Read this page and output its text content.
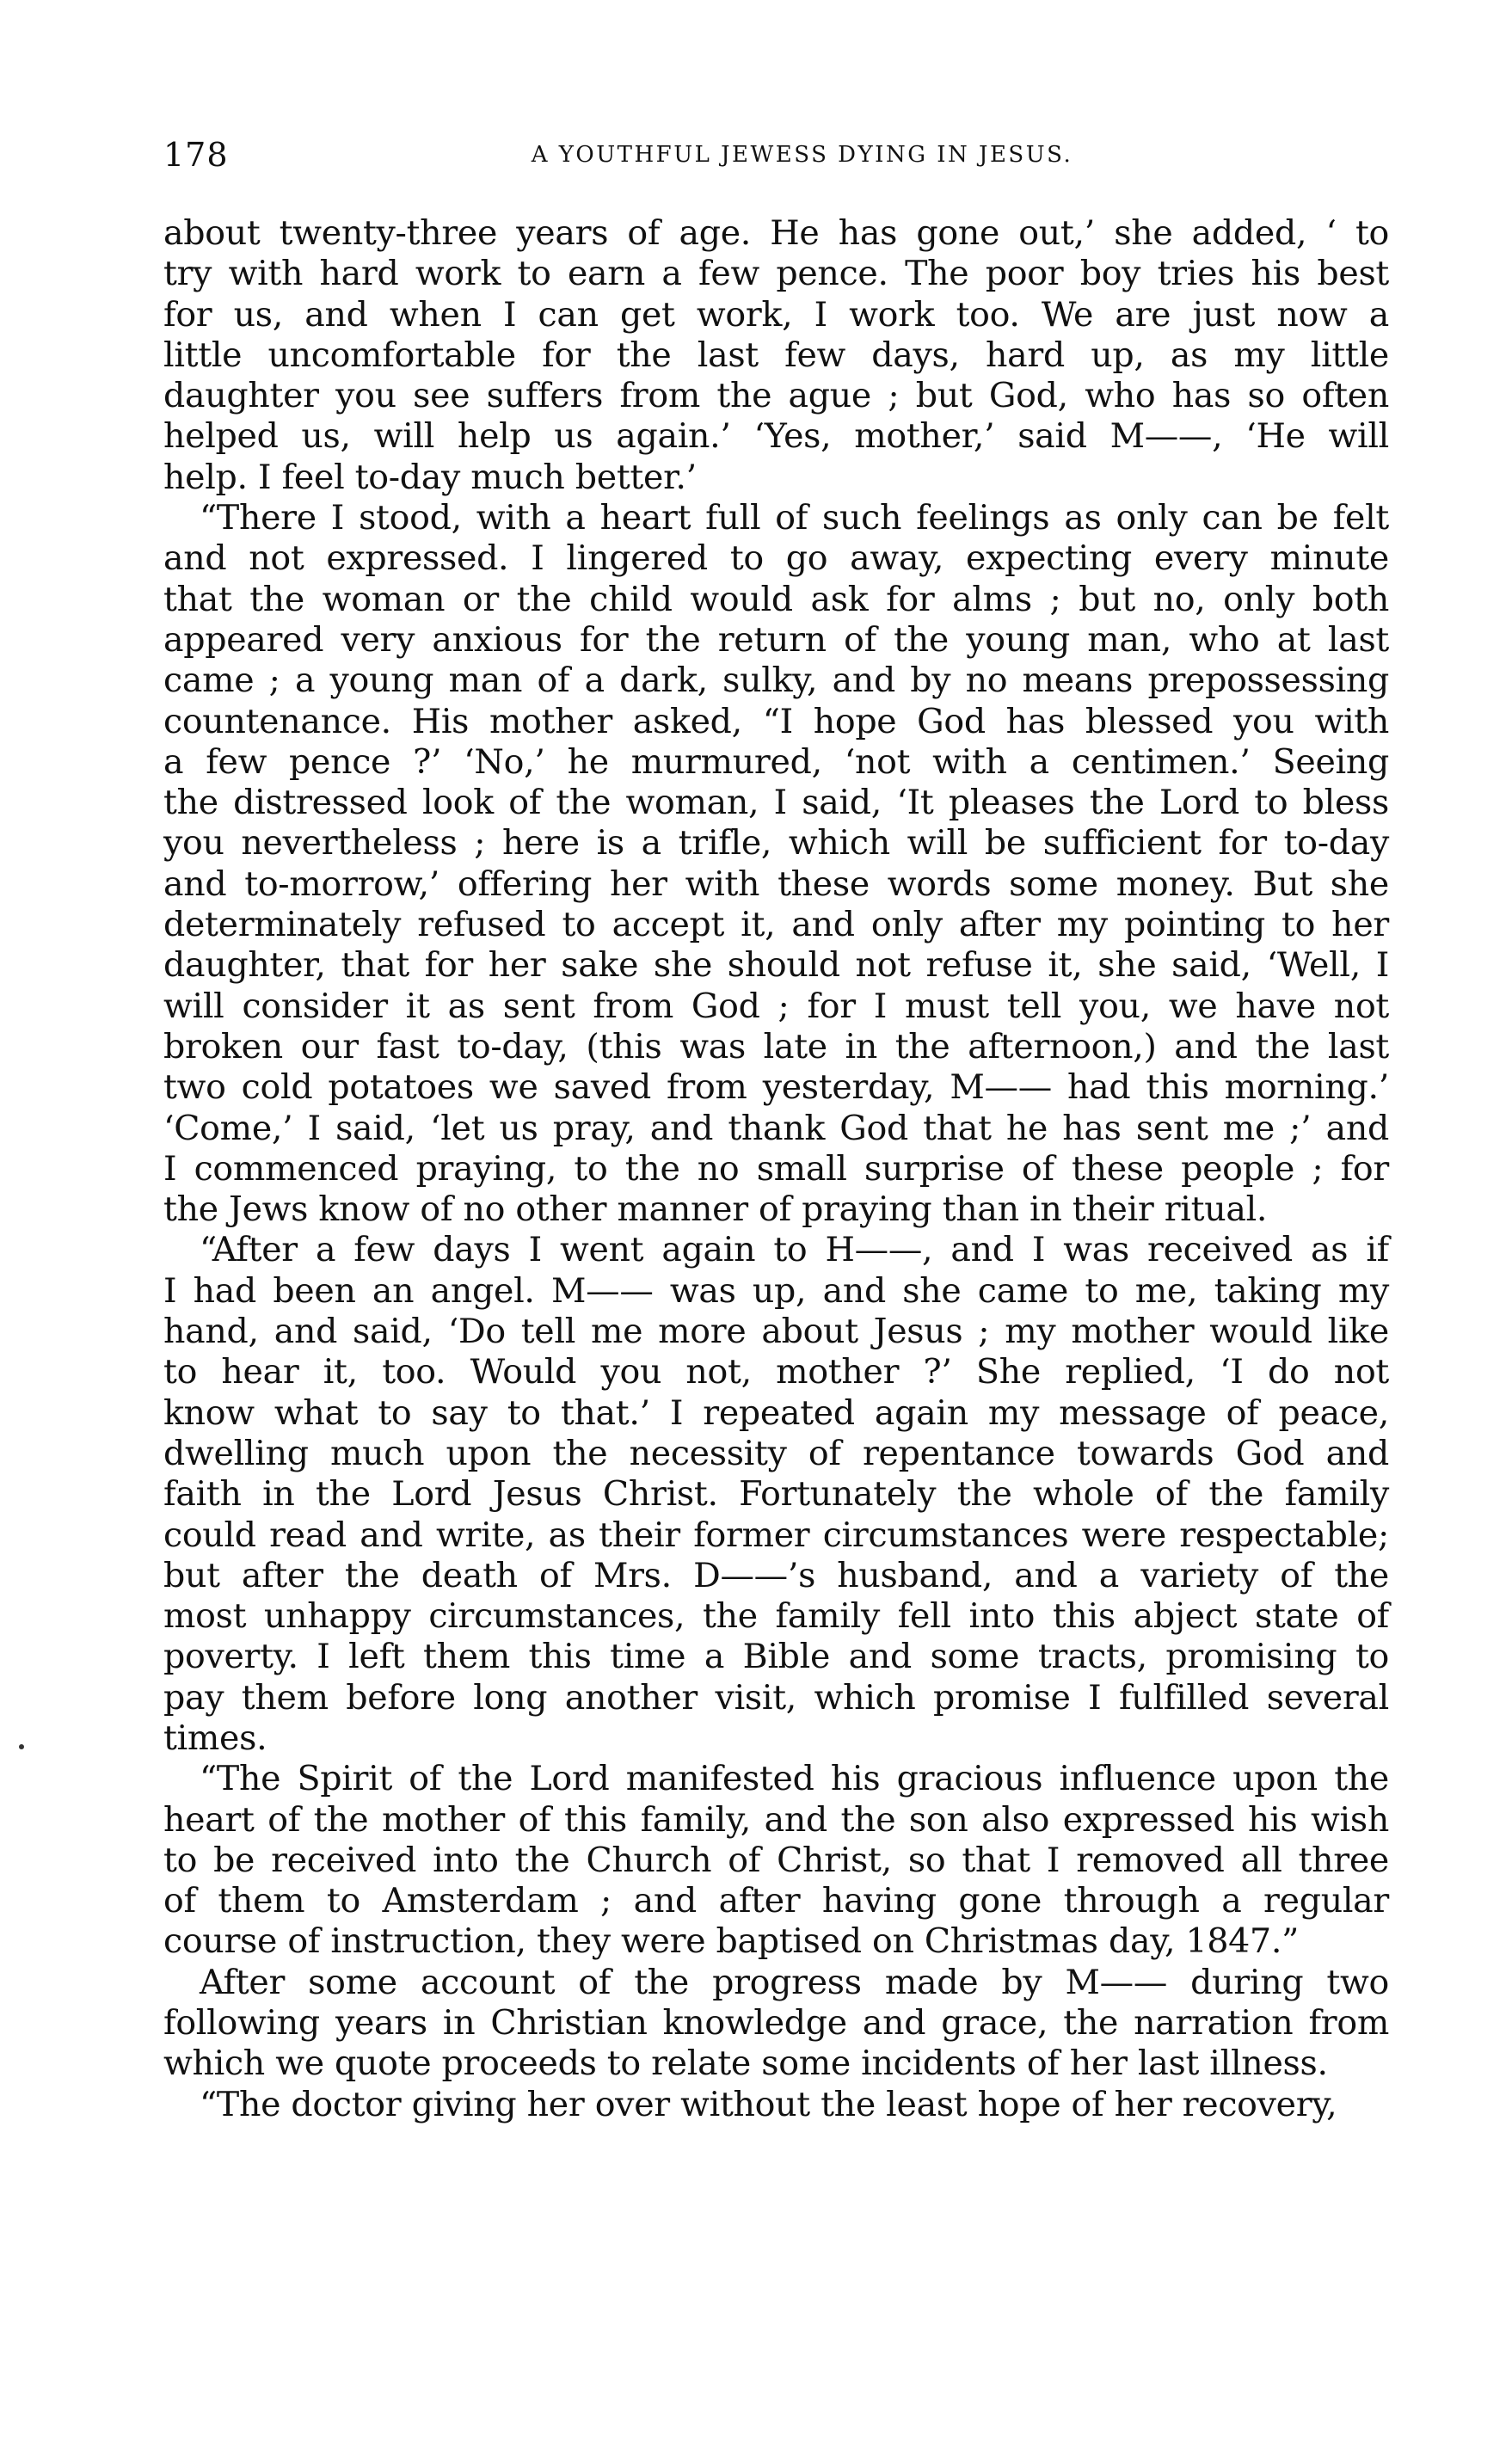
178	A YOUTHFUL JEWESS DYING IN JESUS.
about twenty-three years of age. He has gone out,’ she added, ‘ to
try with hard work to earn a few pence. The poor boy tries his best
for us, and when I can get work, I work too. We are just now a
little uncomfortable for the last few days, hard up, as my little
daughter you see suffers from the ague ; but God, who has so often
helped us, will help us again.’ ‘Yes, mother,’ said M——, ‘He will
help. I feel to-day much better.’
“There I stood, with a heart full of such feelings as only can be felt
and not expressed. I lingered to go away, expecting every minute
that the woman or the child would ask for alms ; but no, only both
appeared very anxious for the return of the young man, who at last
came ; a young man of a dark, sulky, and by no means prepossessing
countenance. His mother asked, “I hope God has blessed you with
a few pence ?’ ‘No,’ he murmured, ‘not with a centimen.’ Seeing
the distressed look of the woman, I said, ‘It pleases the Lord to bless
you nevertheless ; here is a trifle, which will be sufficient for to-day
and to-morrow,’ offering her with these words some money. But she
determinately refused to accept it, and only after my pointing to her
daughter, that for her sake she should not refuse it, she said, ‘Well, I
will consider it as sent from God ; for I must tell you, we have not
broken our fast to-day, (this was late in the afternoon,) and the last
two cold potatoes we saved from yesterday, M—— had this morning.’
‘Come,’ I said, ‘let us pray, and thank God that he has sent me ;’ and
I commenced praying, to the no small surprise of these people ; for
the Jews know of no other manner of praying than in their ritual.
“After a few days I went again to H——, and I was received as if
I had been an angel. M—— was up, and she came to me, taking my
hand, and said, ‘Do tell me more about Jesus ; my mother would like
to hear it, too. Would you not, mother ?’ She replied, ‘I do not
know what to say to that.’ I repeated again my message of peace,
dwelling much upon the necessity of repentance towards God and
faith in the Lord Jesus Christ. Fortunately the whole of the family
could read and write, as their former circumstances were respectable;
but after the death of Mrs. D——’s husband, and a variety of the
most unhappy circumstances, the family fell into this abject state of
poverty. I left them this time a Bible and some tracts, promising to
pay them before long another visit, which promise I fulfilled several
times.
“The Spirit of the Lord manifested his gracious influence upon the
heart of the mother of this family, and the son also expressed his wish
to be received into the Church of Christ, so that I removed all three
of them to Amsterdam ; and after having gone through a regular
course of instruction, they were baptised on Christmas day, 1847.”
After some account of the progress made by M—— during two
following years in Christian knowledge and grace, the narration from
which we quote proceeds to relate some incidents of her last illness.
“The doctor giving her over without the least hope of her recovery,
